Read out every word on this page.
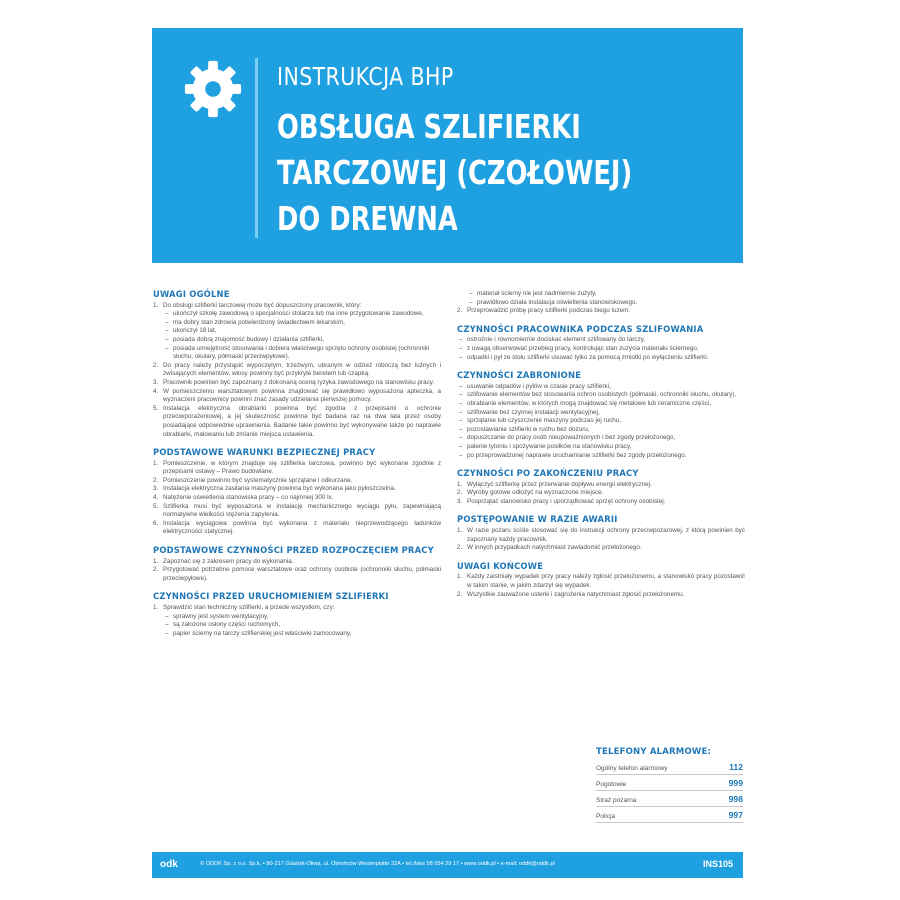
INSTRUKCJA BHP
OBSŁUGA SZLIFIERKI
TARCZOWEJ (CZOŁOWEJ)
DO DREWNA
UWAGI OGÓLNE
1. Do obsługi szlifierki tarczowej może być dopuszczony pracownik, który:
– ukończył szkołę zawodową o specjalności stolarza lub ma inne przygotowanie zawodowe,
– ma dobry stan zdrowia potwierdzony świadectwem lekarskim,
– ukończył 18 lat,
– posiada dobrą znajomość budowy i działania szlifierki,
– posiada umiejętność stosowania i dobiera właściwego sprzętu ochrony osobistej (ochronniki słuchu, okulary, półmaski przeciwpyłowe).
2. Do pracy należy przystąpić wypoczętym, trzeźwym, ubranym w odzież roboczą bez luźnych i zwisających elementów, włosy powinny być przykryte beretem lub czapką.
3. Pracownik powinien być zapoznany z dokonaną oceną ryzyka zawodowego na stanowisku pracy.
4. W pomieszczeniu warsztatowym powinna znajdować się prawidłowo wyposażona apteczka, a wyznaczeni pracownicy powinni znać zasady udzielania pierwszej pomocy.
5. Instalacja elektryczna obrabiarki powinna być zgodna z przepisami o ochronie przeciwporażeniowej, a jej skuteczność powinna być badana raz na dwa lata przez osoby posiadające odpowiednie uprawnienia. Badanie takie powinno być wykonywane także po naprawie obrabiarki, malowaniu lub zmianie miejsca ustawienia.
PODSTAWOWE WARUNKI BEZPIECZNEJ PRACY
1. Pomieszczenie, w którym znajduje się szlifierka tarczowa, powinno być wykonane zgodnie z przepisami ustawy – Prawo budowlane.
2. Pomieszczenie powinno być systematycznie sprzątane i odkurzane.
3. Instalacja elektryczna zasilania maszyny powinna być wykonana jako pyłoszczelna.
4. Natężenie oświetlenia stanowiska pracy – co najmniej 300 lx.
5. Szlifierka musi być wyposażona w instalację mechanicznego wyciągu pyłu, zapewniającą normatywne wielkości stężenia zapylenia.
6. Instalacja wyciągowa powinna być wykonana z materiału nieprzewodzącego ładunków elektryczności statycznej.
PODSTAWOWE CZYNNOŚCI PRZED ROZPOCZĘCIEM PRACY
1. Zapoznać się z zakresem pracy do wykonania.
2. Przygotować potrzebne pomoce warsztatowe oraz ochrony osobiste (ochronniki słuchu, półmaski przeciwpyłowe).
CZYNNOŚCI PRZED URUCHOMIENIEM SZLIFIERKI
1. Sprawdzić stan techniczny szlifierki, a przede wszystkim, czy:
– sprawny jest system wentylacyjny,
– są założone osłony części ruchomych,
– papier ścierny na tarczy szlifierskiej jest właściwie zamocowany,
– materiał ścierny nie jest nadmiernie zużyty,
– prawidłowo działa instalacja oświetlenia stanowiskowego.
2. Przeprowadzić próbę pracy szlifierki podczas biegu luzem.
CZYNNOŚCI PRACOWNIKA PODCZAS SZLIFOWANIA
– ostrożnie i równomiernie dociskać element szlifowany do tarczy,
– z uwagą obserwować przebieg pracy, kontrolując stan zużycia materiału ściernego,
– odpadki i pył ze stołu szlifierki usuwać tylko za pomocą zmiotki po wyłączeniu szlifierki.
CZYNNOŚCI ZABRONIONE
– usuwanie odpadów i pyłów w czasie pracy szlifierki,
– szlifowanie elementów bez stosowania ochron osobistych (półmaski, ochronniki słuchu, okulary),
– obrabianie elementów, w których mogą znajdować się metalowe lub ceramiczne części,
– szlifowanie bez czynnej instalacji wentylacyjnej,
– sprzątanie lub czyszczenie maszyny podczas jej ruchu,
– pozostawianie szlifierki w ruchu bez dozoru,
– dopuszczanie do pracy osób nieupoważnionych i bez zgody przełożonego,
– palenie tytoniu i spożywanie posiłków na stanowisku pracy,
– po przeprowadzonej naprawie uruchamianie szlifierki bez zgody przełożonego.
CZYNNOŚCI PO ZAKOŃCZENIU PRACY
1. Wyłączyć szlifierkę przez przerwanie dopływu energii elektrycznej.
2. Wyroby gotowe odłożyć na wyznaczone miejsce.
3. Posprzątać stanowisko pracy i uporządkować sprzęt ochrony osobistej.
POSTĘPOWANIE W RAZIE AWARII
1. W razie pożaru ściśle stosować się do instrukcji ochrony przeciwpożarowej, z którą powinien być zapoznany każdy pracownik.
2. W innych przypadkach natychmiast zawiadomić przełożonego.
UWAGI KOŃCOWE
1. Każdy zaistniały wypadek przy pracy należy zgłosić przełożonemu, a stanowisko pracy pozostawić w takim stanie, w jakim zdarzył się wypadek.
2. Wszystkie zauważone usterki i zagrożenia natychmiast zgłosić przełożonemu.
TELEFONY ALARMOWE:
Ogólny telefon alarmowy	112
Pogotowie	999
Straż pożarna	998
Policja	997
odk	© ODDK Sp. z o.o. Sp.k. • 80-317 Gdańsk-Oliwa, ul. Obrońców Westerplatte 32A • tel./faks 58 554 29 17 • www.oddk.pl • e-mail: oddk@oddk.pl	INS105
